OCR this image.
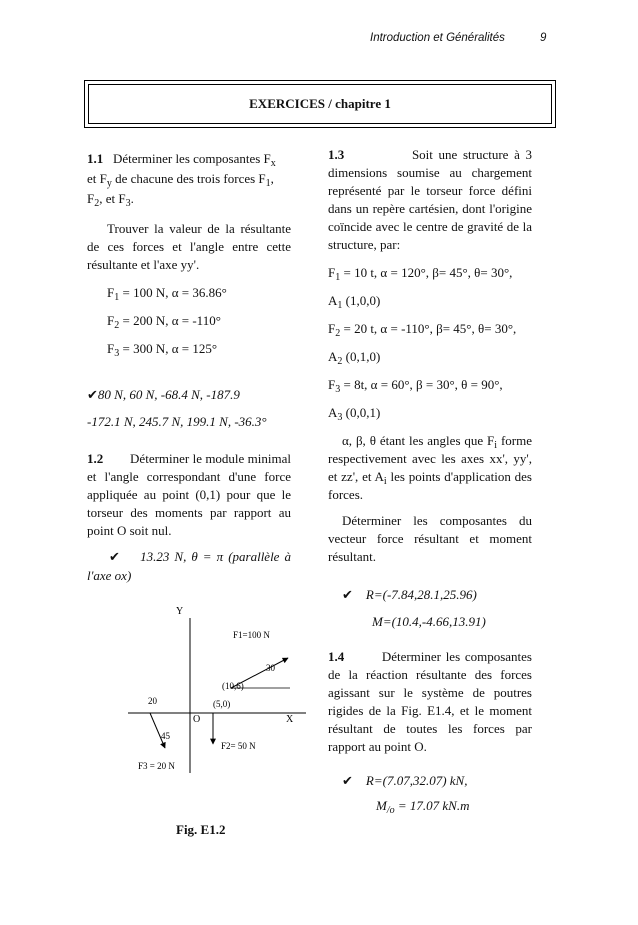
Introduction et Généralités	9
EXERCICES / chapitre 1

1.1 Déterminer les composantes $F_x$

et $F_y$ de chacune des trois forces $F_1$,

$F_2$, et $F_3$.

Trouver la valeur de la résultante de ces forces et l'angle entre cette résultante et l'axe yy'.

$F_1 = 100$ N, α = 36.86°

$F_2 = 200$ N, α = -110°

$F_3 = 300$ N, α = 125°

✔80 N, 60 N, -68.4 N, -187.9

-172.1 N, 245.7 N, 199.1 N, -36.3°

1.2 Déterminer le module minimal et l'angle correspondant d'une force appliquée au point (0,1) pour que le torseur des moments par rapport au point O soit nul.

✔ 13.23 N, θ = π (parallèle à l'axe ox)

Y
X
O
F1=100 N
30
(10,6)
(5,0)
F2= 50 N
20
45
F3 = 20 N
Fig. E1.2

1.3	Soit une structure à 3 dimensions soumise au chargement représenté par le torseur force défini dans un repère cartésien, dont l'origine coïncide avec le centre de gravité de la structure, par:

$F_1 = 10$ t, α = 120°, β= 45°, θ= 30°,

$A_1$ (1,0,0)

$F_2 = 20$ t, α = -110°, β= 45°, θ= 30°,

$A_2$ (0,1,0)

$F_3 = 8t$, α = 60°, β = 30°, θ = 90°,

$A_3$ (0,0,1)

α, β, θ étant les angles que $F_i$ forme respectivement avec les axes xx', yy', et zz', et $A_i$ les points d'application des forces.

Déterminer les composantes du vecteur force résultant et moment résultant.

✔ R=(-7.84,28.1,25.96)

M=(10.4,-4.66,13.91)

1.4	Déterminer les composantes de la réaction résultante des forces agissant sur le système de poutres rigides de la Fig. E1.4, et le moment résultant de toutes les forces par rapport au point O.

✔ R=(7.07,32.07) kN,

$M_{/o} = 17.07$ kN.m
